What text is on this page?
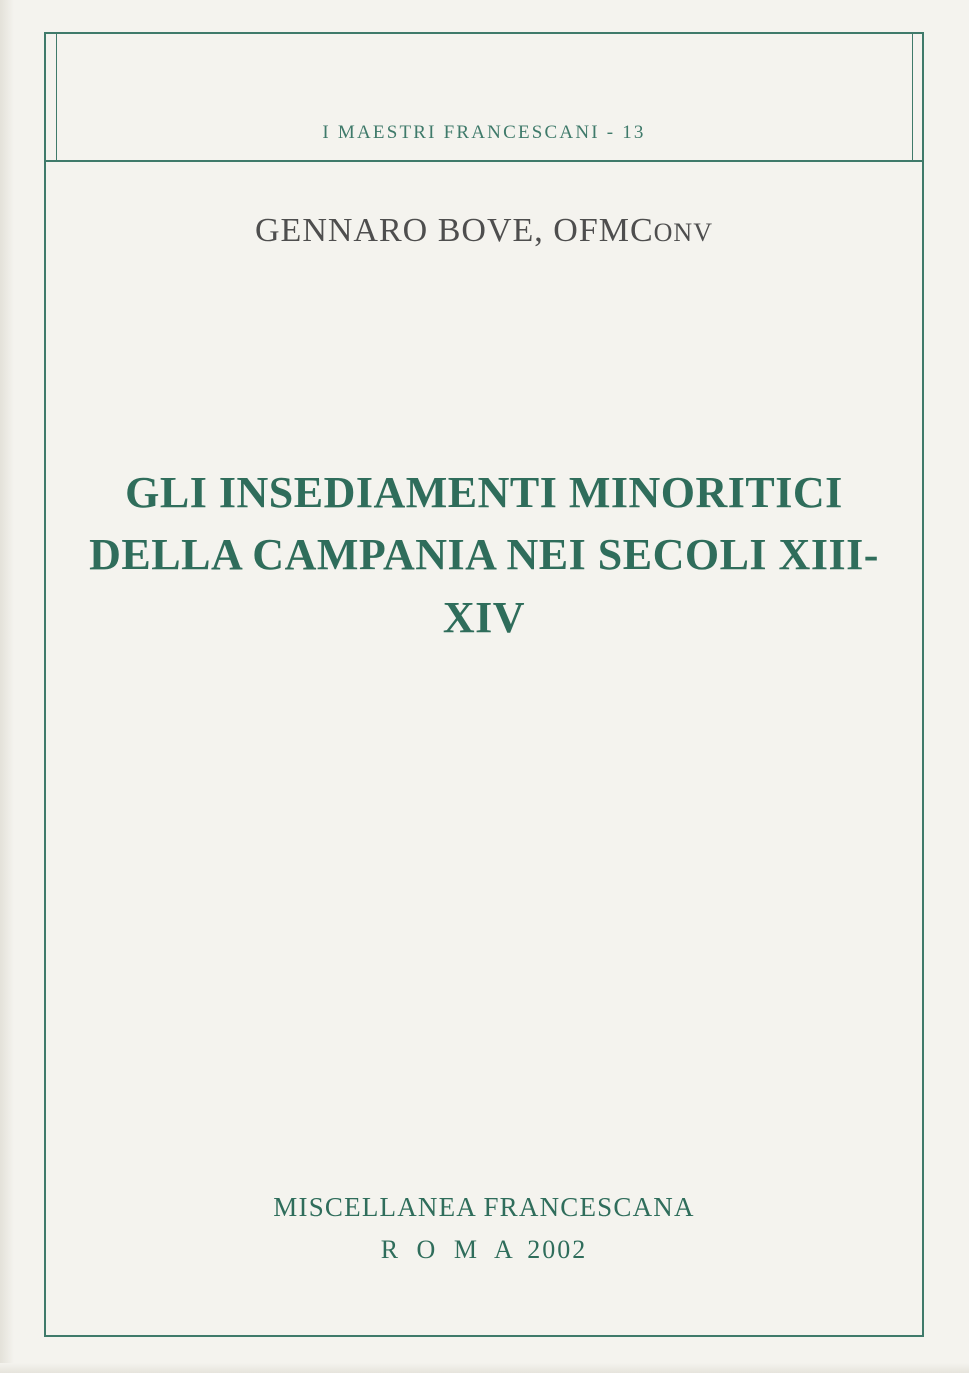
I MAESTRI FRANCESCANI - 13
GENNARO BOVE, OFMCONV
GLI INSEDIAMENTI MINORITICI
DELLA CAMPANIA NEI SECOLI XIII-XIV
MISCELLANEA FRANCESCANA
R O M A 2002
